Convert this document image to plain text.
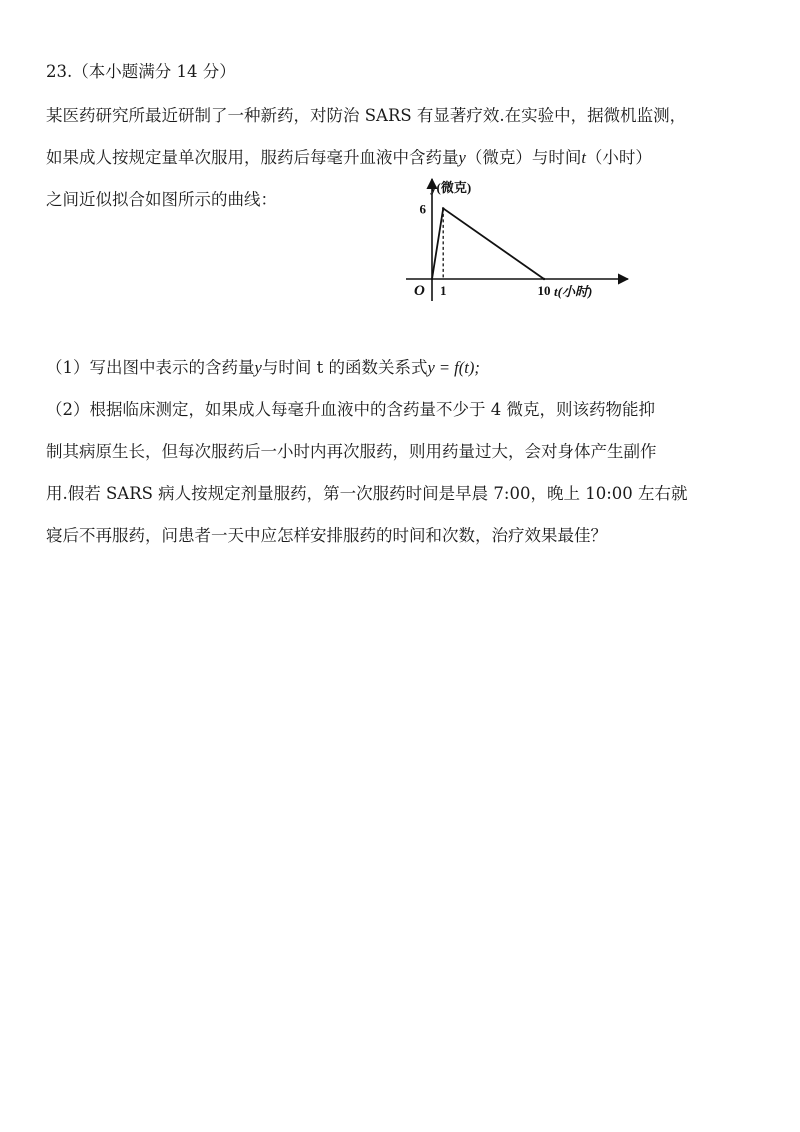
23.（本小题满分 14 分）
某医药研究所最近研制了一种新药，对防治 SARS 有显著疗效.在实验中，据微机监测，
如果成人按规定量单次服用，服药后每毫升血液中含药量y（微克）与时间t（小时）
之间近似拟合如图所示的曲线：
y(微克)
t(小时)
O 1	10
6
（1）写出图中表示的含药量y与时间 t 的函数关系式y = f(t);
（2）根据临床测定，如果成人每毫升血液中的含药量不少于 4 微克，则该药物能抑
制其病原生长，但每次服药后一小时内再次服药，则用药量过大，会对身体产生副作
用.假若 SARS 病人按规定剂量服药，第一次服药时间是早晨 7:00，晚上 10:00 左右就
寝后不再服药，问患者一天中应怎样安排服药的时间和次数，治疗效果最佳？
